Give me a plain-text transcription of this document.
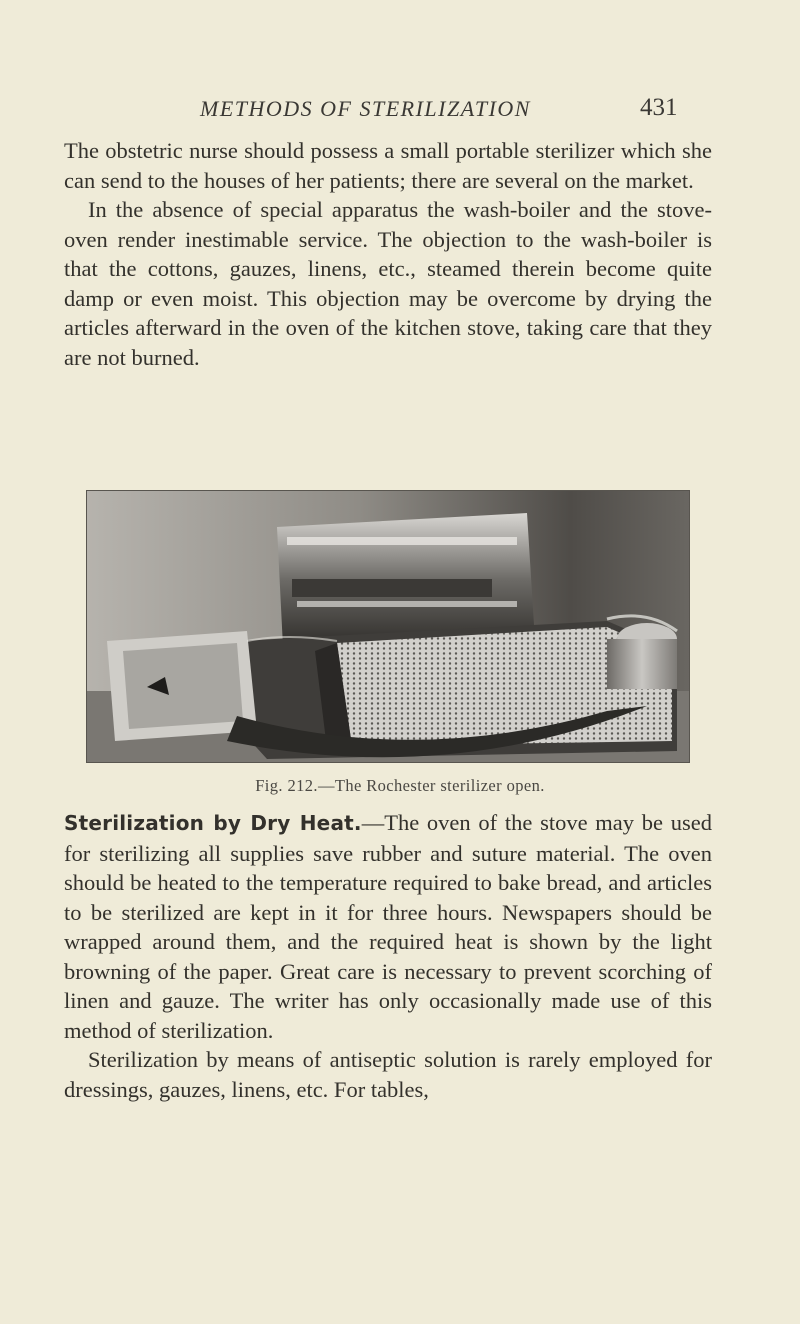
METHODS OF STERILIZATION	431

The obstetric nurse should possess a small portable sterilizer which she can send to the houses of her patients; there are several on the market.

In the absence of special apparatus the wash-boiler and the stove-oven render inestimable service. The objection to the wash-boiler is that the cottons, gauzes, linens, etc., steamed therein become quite damp or even moist. This objection may be overcome by drying the articles afterward in the oven of the kitchen stove, taking care that they are not burned.

Fig. 212.—The Rochester sterilizer open.

Sterilization by Dry Heat.—The oven of the stove may be used for sterilizing all supplies save rubber and suture material. The oven should be heated to the temperature required to bake bread, and articles to be sterilized are kept in it for three hours. Newspapers should be wrapped around them, and the required heat is shown by the light browning of the paper. Great care is necessary to prevent scorching of linen and gauze. The writer has only occasionally made use of this method of sterilization.

Sterilization by means of antiseptic solution is rarely employed for dressings, gauzes, linens, etc. For tables,
